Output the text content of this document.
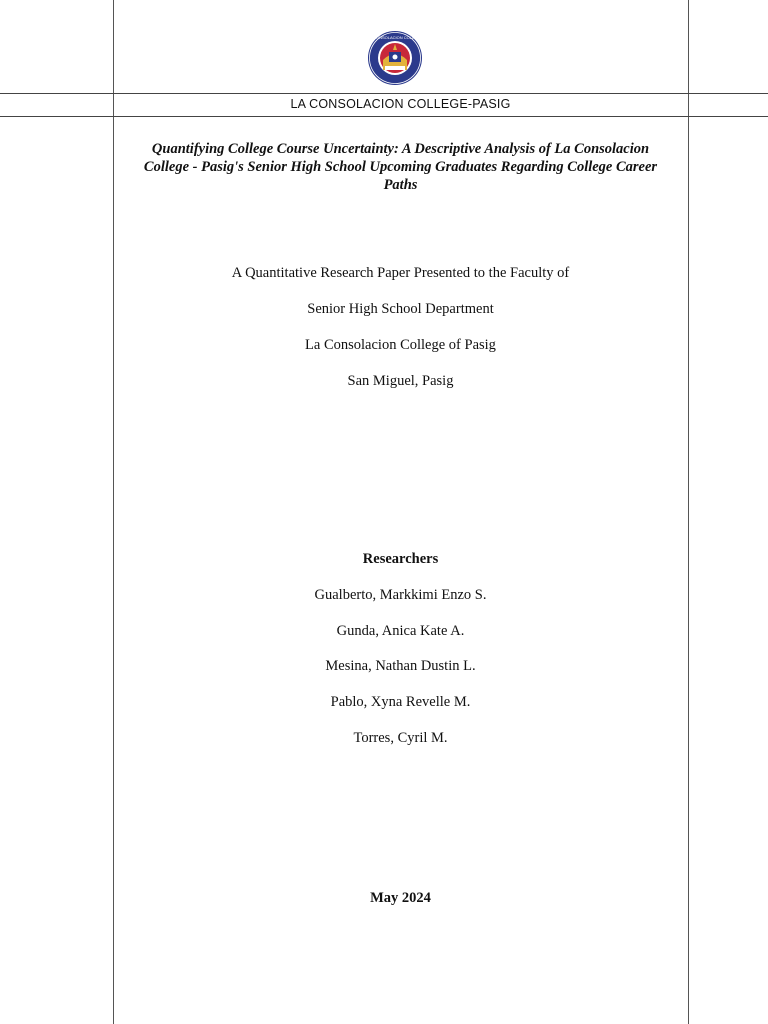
LA CONSOLACION COLLEGE
LA CONSOLACION COLLEGE-PASIG
Quantifying College Course Uncertainty: A Descriptive Analysis of La Consolacion College - Pasig's Senior High School Upcoming Graduates Regarding College Career Paths
A Quantitative Research Paper Presented to the Faculty of
Senior High School Department
La Consolacion College of Pasig
San Miguel, Pasig
Researchers
Gualberto, Markkimi Enzo S.
Gunda, Anica Kate A.
Mesina, Nathan Dustin L.
Pablo, Xyna Revelle M.
Torres, Cyril M.
May 2024
